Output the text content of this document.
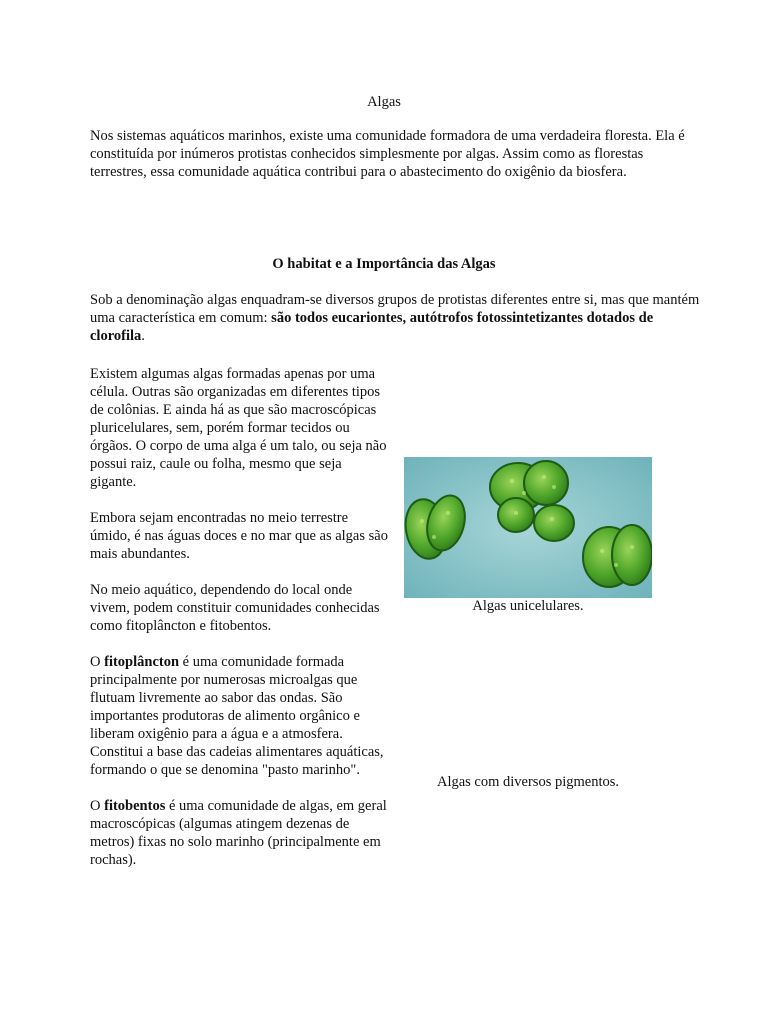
Algas

Nos sistemas aquáticos marinhos, existe uma comunidade formadora de uma verdadeira floresta. Ela é constituída por inúmeros protistas conhecidos simplesmente por algas. Assim como as florestas terrestres, essa comunidade aquática contribui para o abastecimento do oxigênio da biosfera.

O habitat e a Importância das Algas

Sob a denominação algas enquadram-se diversos grupos de protistas diferentes entre si, mas que mantém uma característica em comum: são todos eucariontes, autótrofos fotossintetizantes dotados de clorofila.

Existem algumas algas formadas apenas por uma célula. Outras são organizadas em diferentes tipos de colônias. E ainda há as que são macroscópicas pluricelulares, sem, porém formar tecidos ou órgãos. O corpo de uma alga é um talo, ou seja não possui raiz, caule ou folha, mesmo que seja gigante.

Embora sejam encontradas no meio terrestre úmido, é nas águas doces e no mar que as algas são mais abundantes.

No meio aquático, dependendo do local onde vivem, podem constituir comunidades conhecidas como fitoplâncton e fitobentos.

O fitoplâncton é uma comunidade formada principalmente por numerosas microalgas que flutuam livremente ao sabor das ondas. São importantes produtoras de alimento orgânico e liberam oxigênio para a água e a atmosfera. Constitui a base das cadeias alimentares aquáticas, formando o que se denomina "pasto marinho".

O fitobentos é uma comunidade de algas, em geral macroscópicas (algumas atingem dezenas de metros) fixas no solo marinho (principalmente em rochas).

Algas unicelulares.

Algas com diversos pigmentos.
